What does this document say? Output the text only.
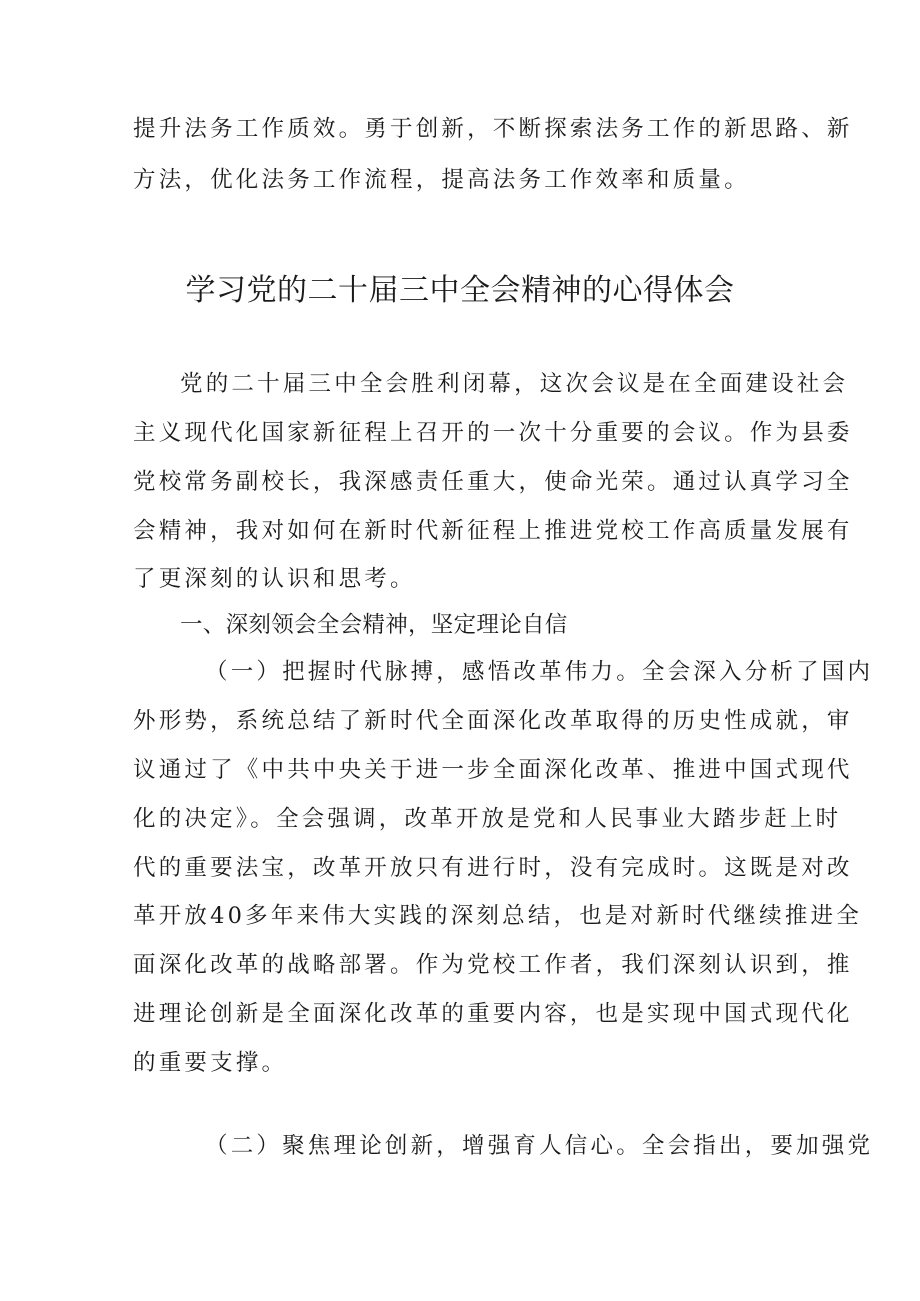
提升法务工作质效。勇于创新，不断探索法务工作的新思路、新
方法，优化法务工作流程，提高法务工作效率和质量。
学习党的二十届三中全会精神的心得体会
党的二十届三中全会胜利闭幕，这次会议是在全面建设社会
主义现代化国家新征程上召开的一次十分重要的会议。作为县委
党校常务副校长，我深感责任重大，使命光荣。通过认真学习全
会精神，我对如何在新时代新征程上推进党校工作高质量发展有
了更深刻的认识和思考。
一、深刻领会全会精神，坚定理论自信
（一）把握时代脉搏，感悟改革伟力。全会深入分析了国内
外形势，系统总结了新时代全面深化改革取得的历史性成就，审
议通过了《中共中央关于进一步全面深化改革、推进中国式现代
化的决定》。全会强调，改革开放是党和人民事业大踏步赶上时
代的重要法宝，改革开放只有进行时，没有完成时。这既是对改
革开放40多年来伟大实践的深刻总结，也是对新时代继续推进全
面深化改革的战略部署。作为党校工作者，我们深刻认识到，推
进理论创新是全面深化改革的重要内容，也是实现中国式现代化
的重要支撑。
（二）聚焦理论创新，增强育人信心。全会指出，要加强党
